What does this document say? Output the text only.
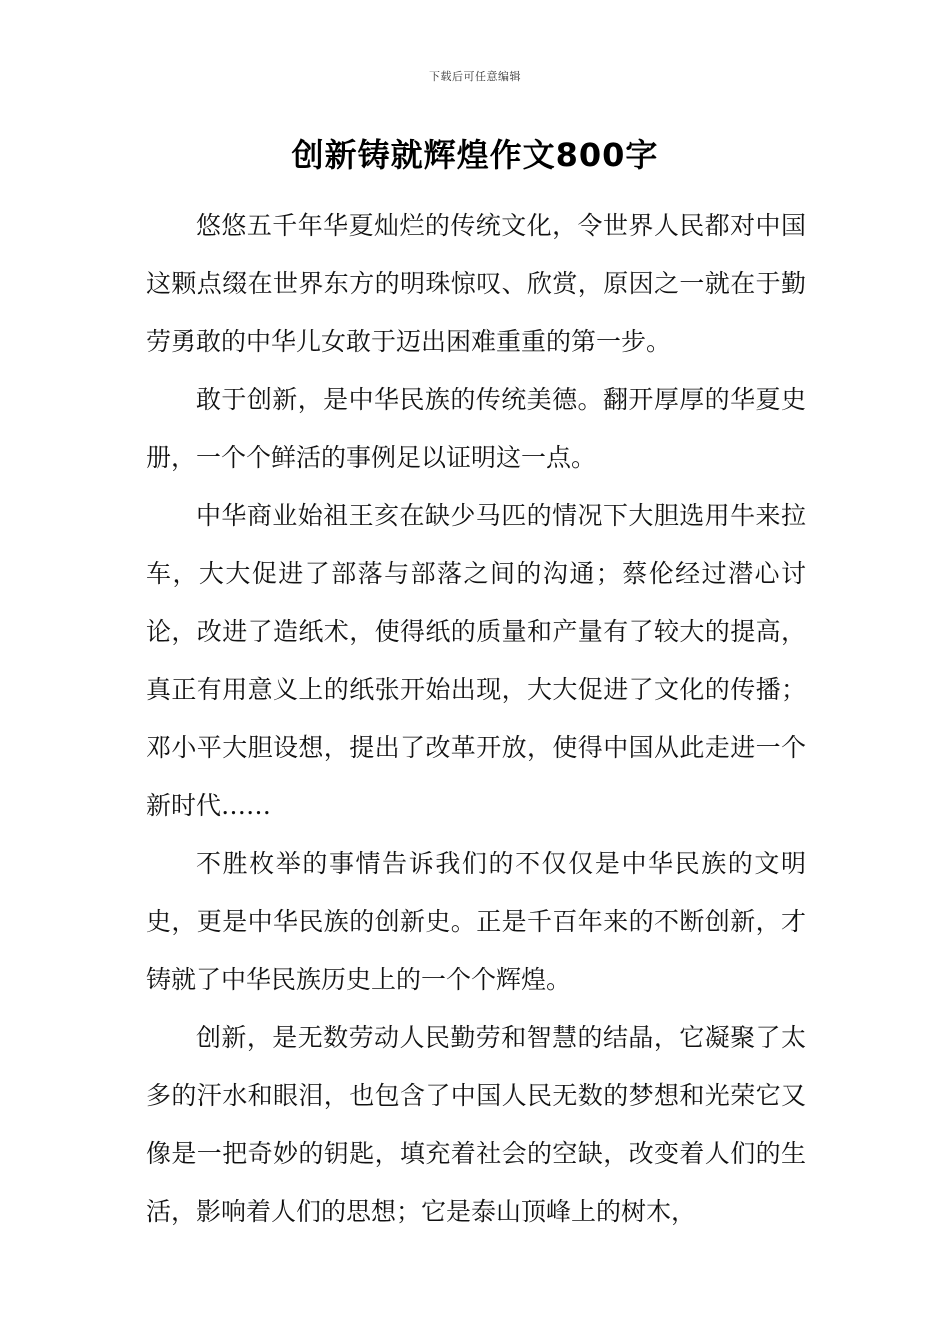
下载后可任意编辑
创新铸就辉煌作文800字

悠悠五千年华夏灿烂的传统文化，令世界人民都对中国这颗点缀在世界东方的明珠惊叹、欣赏，原因之一就在于勤劳勇敢的中华儿女敢于迈出困难重重的第一步。

敢于创新，是中华民族的传统美德。翻开厚厚的华夏史册，一个个鲜活的事例足以证明这一点。

中华商业始祖王亥在缺少马匹的情况下大胆选用牛来拉车，大大促进了部落与部落之间的沟通；蔡伦经过潜心讨论，改进了造纸术，使得纸的质量和产量有了较大的提高，真正有用意义上的纸张开始出现，大大促进了文化的传播；邓小平大胆设想，提出了改革开放，使得中国从此走进一个新时代……

不胜枚举的事情告诉我们的不仅仅是中华民族的文明史，更是中华民族的创新史。正是千百年来的不断创新，才铸就了中华民族历史上的一个个辉煌。

创新，是无数劳动人民勤劳和智慧的结晶，它凝聚了太多的汗水和眼泪，也包含了中国人民无数的梦想和光荣它又像是一把奇妙的钥匙，填充着社会的空缺，改变着人们的生活，影响着人们的思想；它是泰山顶峰上的树木，
